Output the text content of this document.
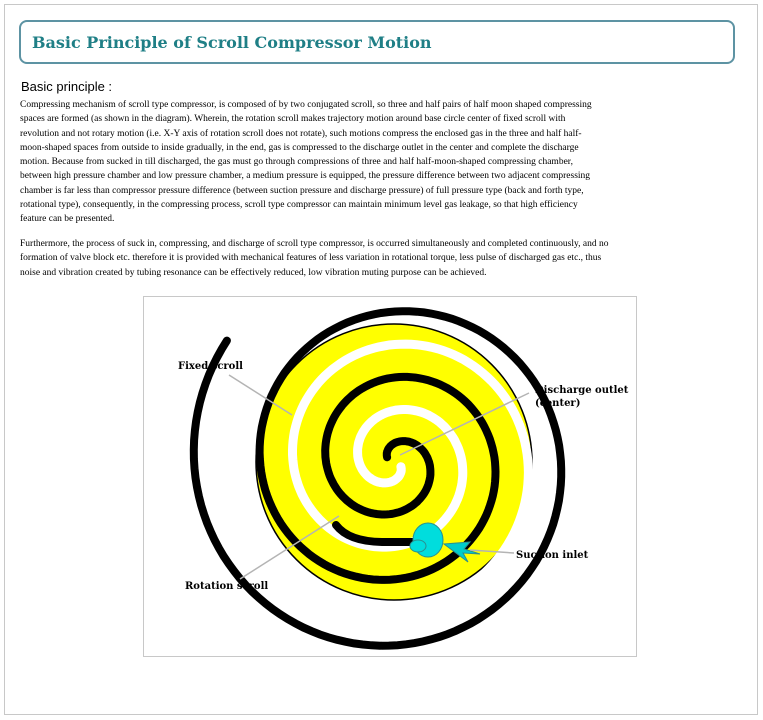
Basic Principle of Scroll Compressor Motion
Basic principle :
Compressing mechanism of scroll type compressor, is composed of by two conjugated scroll, so three and half pairs of half moon shaped compressing
spaces are formed (as shown in the diagram). Wherein, the rotation scroll makes trajectory motion around base circle center of fixed scroll with
revolution and not rotary motion (i.e. X-Y axis of rotation scroll does not rotate), such motions compress the enclosed gas in the three and half half-
moon-shaped spaces from outside to inside gradually, in the end, gas is compressed to the discharge outlet in the center and complete the discharge
motion. Because from sucked in till discharged, the gas must go through compressions of three and half half-moon-shaped compressing chamber,
between high pressure chamber and low pressure chamber, a medium pressure is equipped, the pressure difference between two adjacent compressing
chamber is far less than compressor pressure difference (between suction pressure and discharge pressure) of full pressure type (back and forth type,
rotational type), consequently, in the compressing process, scroll type compressor can maintain minimum level gas leakage, so that high efficiency
feature can be presented.
Furthermore, the process of suck in, compressing, and discharge of scroll type compressor, is occurred simultaneously and completed continuously, and no
formation of valve block etc. therefore it is provided with mechanical features of less variation in rotational torque, less pulse of discharged gas etc., thus
noise and vibration created by tubing resonance can be effectively reduced, low vibration muting purpose can be achieved.
Fixed scroll
Discharge outlet
(center)
Suction inlet
Rotation scroll
